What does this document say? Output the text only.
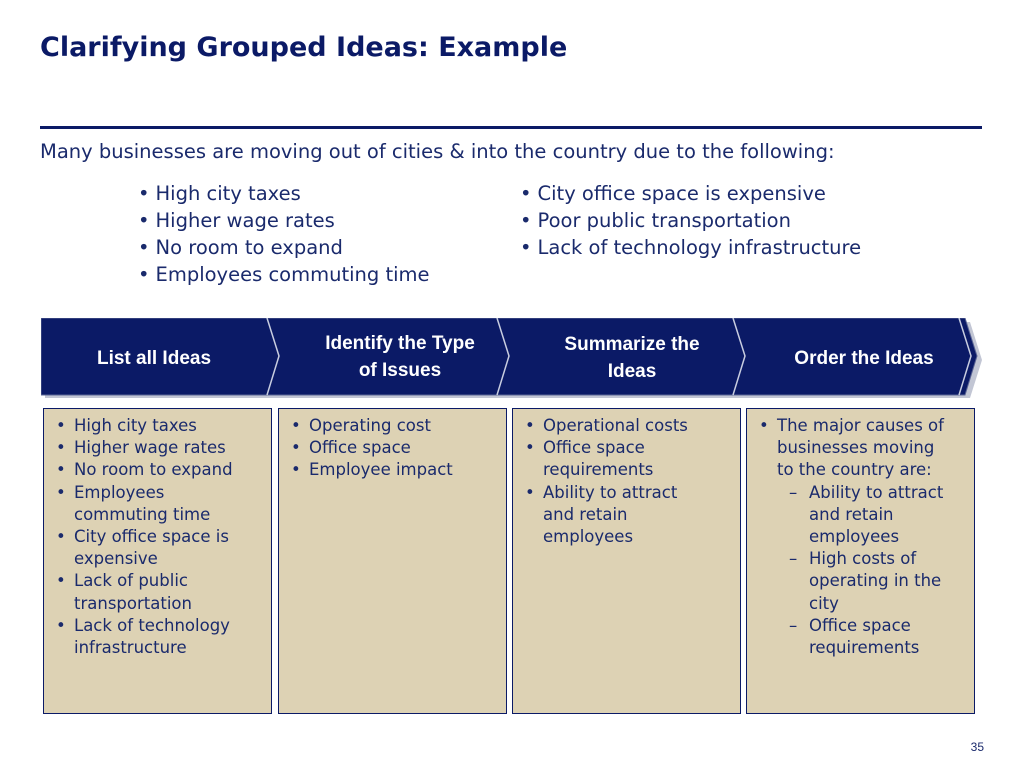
Clarifying Grouped Ideas: Example

Many businesses are moving out of cities & into the country due to the following:

• High city taxes
• Higher wage rates
• No room to expand
• Employees commuting time
• City office space is expensive
• Poor public transportation
• Lack of technology infrastructure
List all Ideas
Identify the Type
of Issues
Summarize the
Ideas
Order the Ideas
• High city taxes
• Higher wage rates
• No room to expand
• Employees commuting time
• City office space is expensive
• Lack of public transportation
• Lack of technology infrastructure
• Operating cost
• Office space
• Employee impact
• Operational costs
• Office space requirements
• Ability to attract and retain employees
• The major causes of businesses moving to the country are:
– Ability to attract and retain employees
– High costs of operating in the city
– Office space requirements
35
